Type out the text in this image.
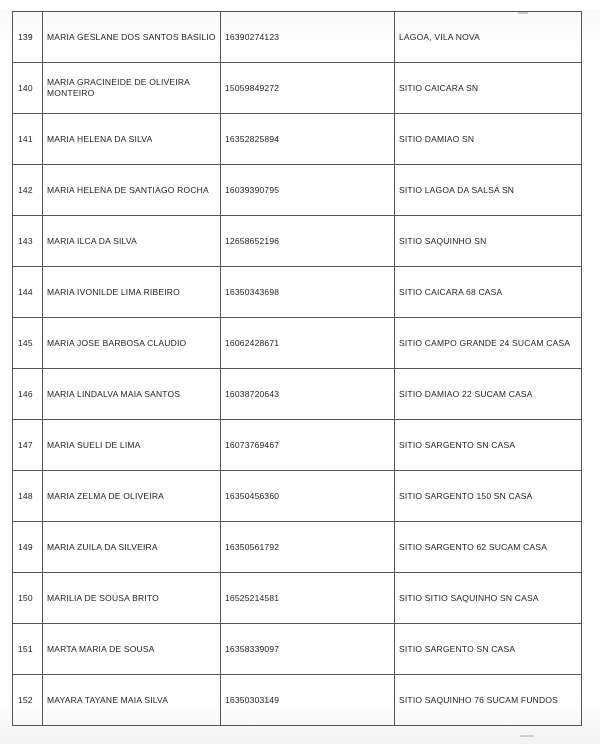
139	MARIA GESLANE DOS SANTOS BASILIO	16390274123	LAGOA, VILA NOVA
140	MARIA GRACINEIDE DE OLIVEIRA MONTEIRO	15059849272	SITIO CAICARA SN
141	MARIA HELENA DA SILVA	16352825894	SITIO DAMIAO SN
142	MARIA HELENA DE SANTIAGO ROCHA	16039390795	SITIO LAGOA DA SALSA SN
143	MARIA ILCA DA SILVA	12658652196	SITIO SAQUINHO SN
144	MARIA IVONILDE LIMA RIBEIRO	16350343698	SITIO CAICARA 68 CASA
145	MARIA JOSE BARBOSA CLAUDIO	16062428671	SITIO CAMPO GRANDE 24 SUCAM CASA
146	MARIA LINDALVA MAIA SANTOS	16038720643	SITIO DAMIAO 22 SUCAM CASA
147	MARIA SUELI DE LIMA	16073769467	SITIO SARGENTO SN CASA
148	MARIA ZELMA DE OLIVEIRA	16350456360	SITIO SARGENTO 150 SN CASA
149	MARIA ZUILA DA SILVEIRA	16350561792	SITIO SARGENTO 62 SUCAM CASA
150	MARILIA DE SOUSA BRITO	16525214581	SITIO SITIO SAQUINHO SN CASA
151	MARTA MARIA DE SOUSA	16358339097	SITIO SARGENTO SN CASA
152	MAYARA TAYANE MAIA SILVA	16350303149	SITIO SAQUINHO 76 SUCAM FUNDOS
